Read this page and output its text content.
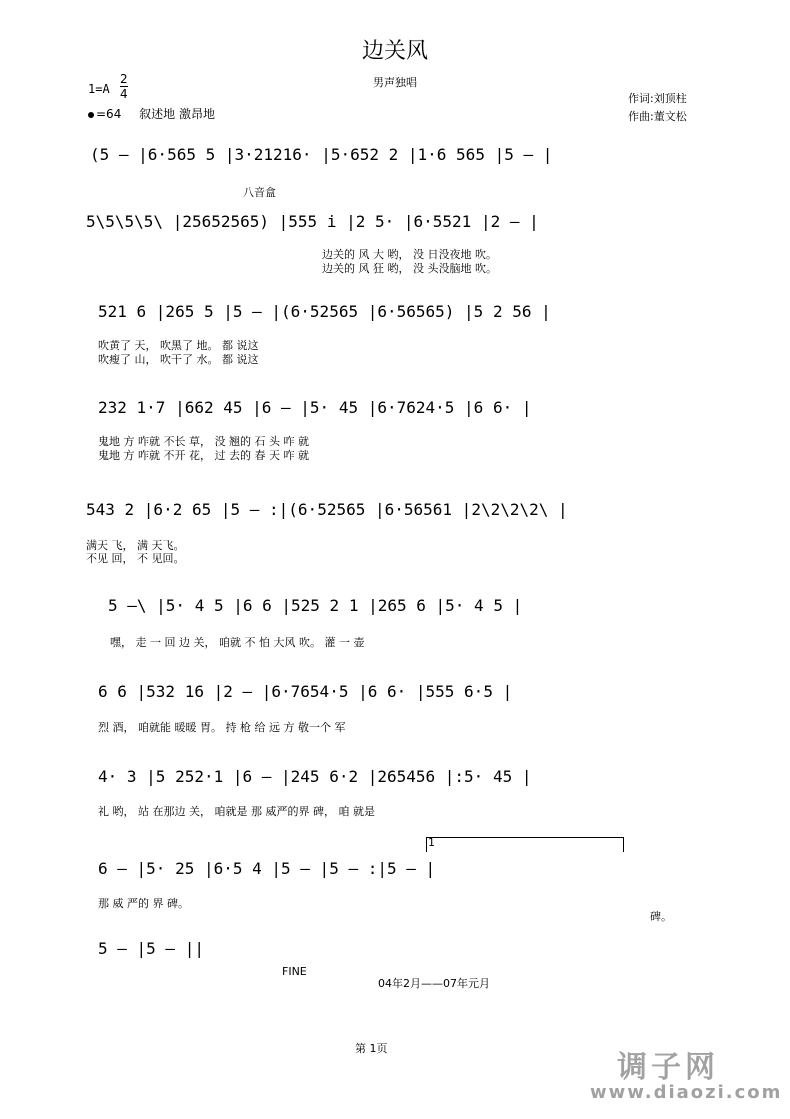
边关风
男声独唱
作词:刘顶柱
作曲:董文松
$1=A \frac{2}{4}$
=64 叙述地 激昂地
(5 – |6·565 5 |3·21216· |5·652 2 |1·6 565 |5 – |
八音盒
5\5\5\5\ |25652565) |555 i |2 5· |6·5521 |2 – |
边关的 风 大 哟， 没 日没夜地 吹。
边关的 风 狂 哟， 没 头没脑地 吹。
521 6 |265 5 |5 – |(6·52565 |6·56565) |5 2 56 |
吹黄了 天， 吹黑了 地。 都 说这
吹瘦了 山， 吹干了 水。 都 说这
232 1·7 |662 45 |6 – |5· 45 |6·7624·5 |6 6· |
鬼地 方 咋就 不长 草， 没 翘的 石 头 咋 就
鬼地 方 咋就 不开 花， 过 去的 春 天 咋 就
543 2 |6·2 65 |5 – :|(6·52565 |6·56561 |2\2\2\2\ |
满天 飞， 满 天飞。
不见 回， 不 见回。
5 –\ |5· 4 5 |6 6 |525 2 1 |265 6 |5· 4 5 |
嘿， 走 一 回 边 关， 咱就 不 怕 大风 吹。 灌 一 壶
6 6 |532 16 |2 – |6·7654·5 |6 6· |555 6·5 |
烈 酒， 咱就能 暖暖 胃。 持 枪 给 远 方 敬一个 军
4· 3 |5 252·1 |6 – |245 6·2 |265456 |:5· 45 |
礼 哟， 站 在那边 关， 咱就是 那 威严的界 碑， 咱 就是
6 – |5· 25 |6·5 4 |5 – |5 – :|5 – |
那 威 严的 界 碑。
碑。
1
5 – |5 – ||
FINE
04年2月——07年元月
第 1页
调子网
www.diaozi.com
